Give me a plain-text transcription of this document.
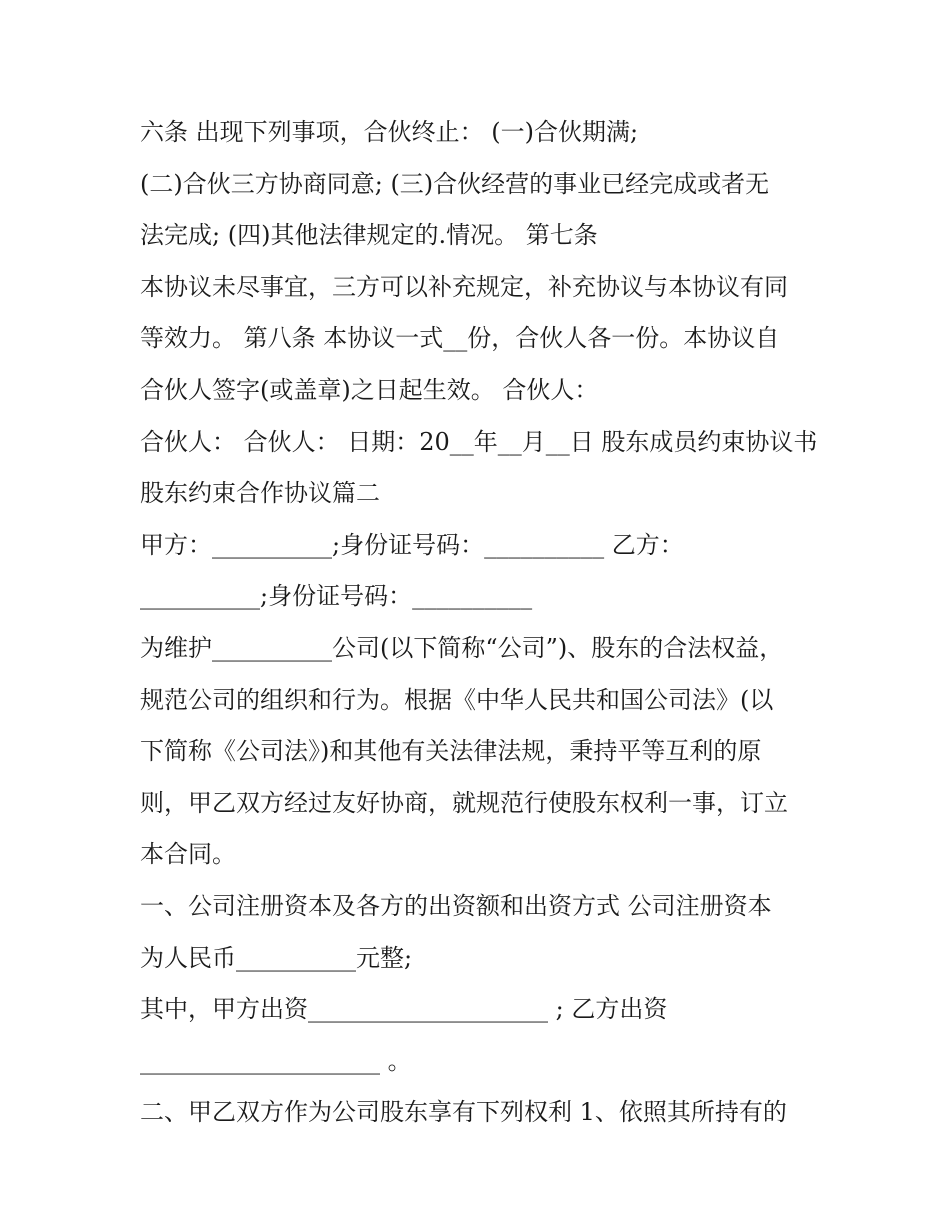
六条 出现下列事项，合伙终止： (一)合伙期满;
(二)合伙三方协商同意; (三)合伙经营的事业已经完成或者无
法完成; (四)其他法律规定的.情况。 第七条
本协议未尽事宜，三方可以补充规定，补充协议与本协议有同
等效力。 第八条 本协议一式__份，合伙人各一份。本协议自
合伙人签字(或盖章)之日起生效。 合伙人：
合伙人： 合伙人： 日期：20__年__月__日 股东成员约束协议书
股东约束合作协议篇二
甲方：__________;身份证号码：__________ 乙方：
__________;身份证号码：__________
为维护__________公司(以下简称“公司”)、股东的合法权益，
规范公司的组织和行为。根据《中华人民共和国公司法》(以
下简称《公司法》)和其他有关法律法规，秉持平等互利的原
则，甲乙双方经过友好协商，就规范行使股东权利一事，订立
本合同。
一、公司注册资本及各方的出资额和出资方式 公司注册资本
为人民币__________元整;
其中，甲方出资____________________ ; 乙方出资
____________________ 。
二、甲乙双方作为公司股东享有下列权利 1、依照其所持有的
